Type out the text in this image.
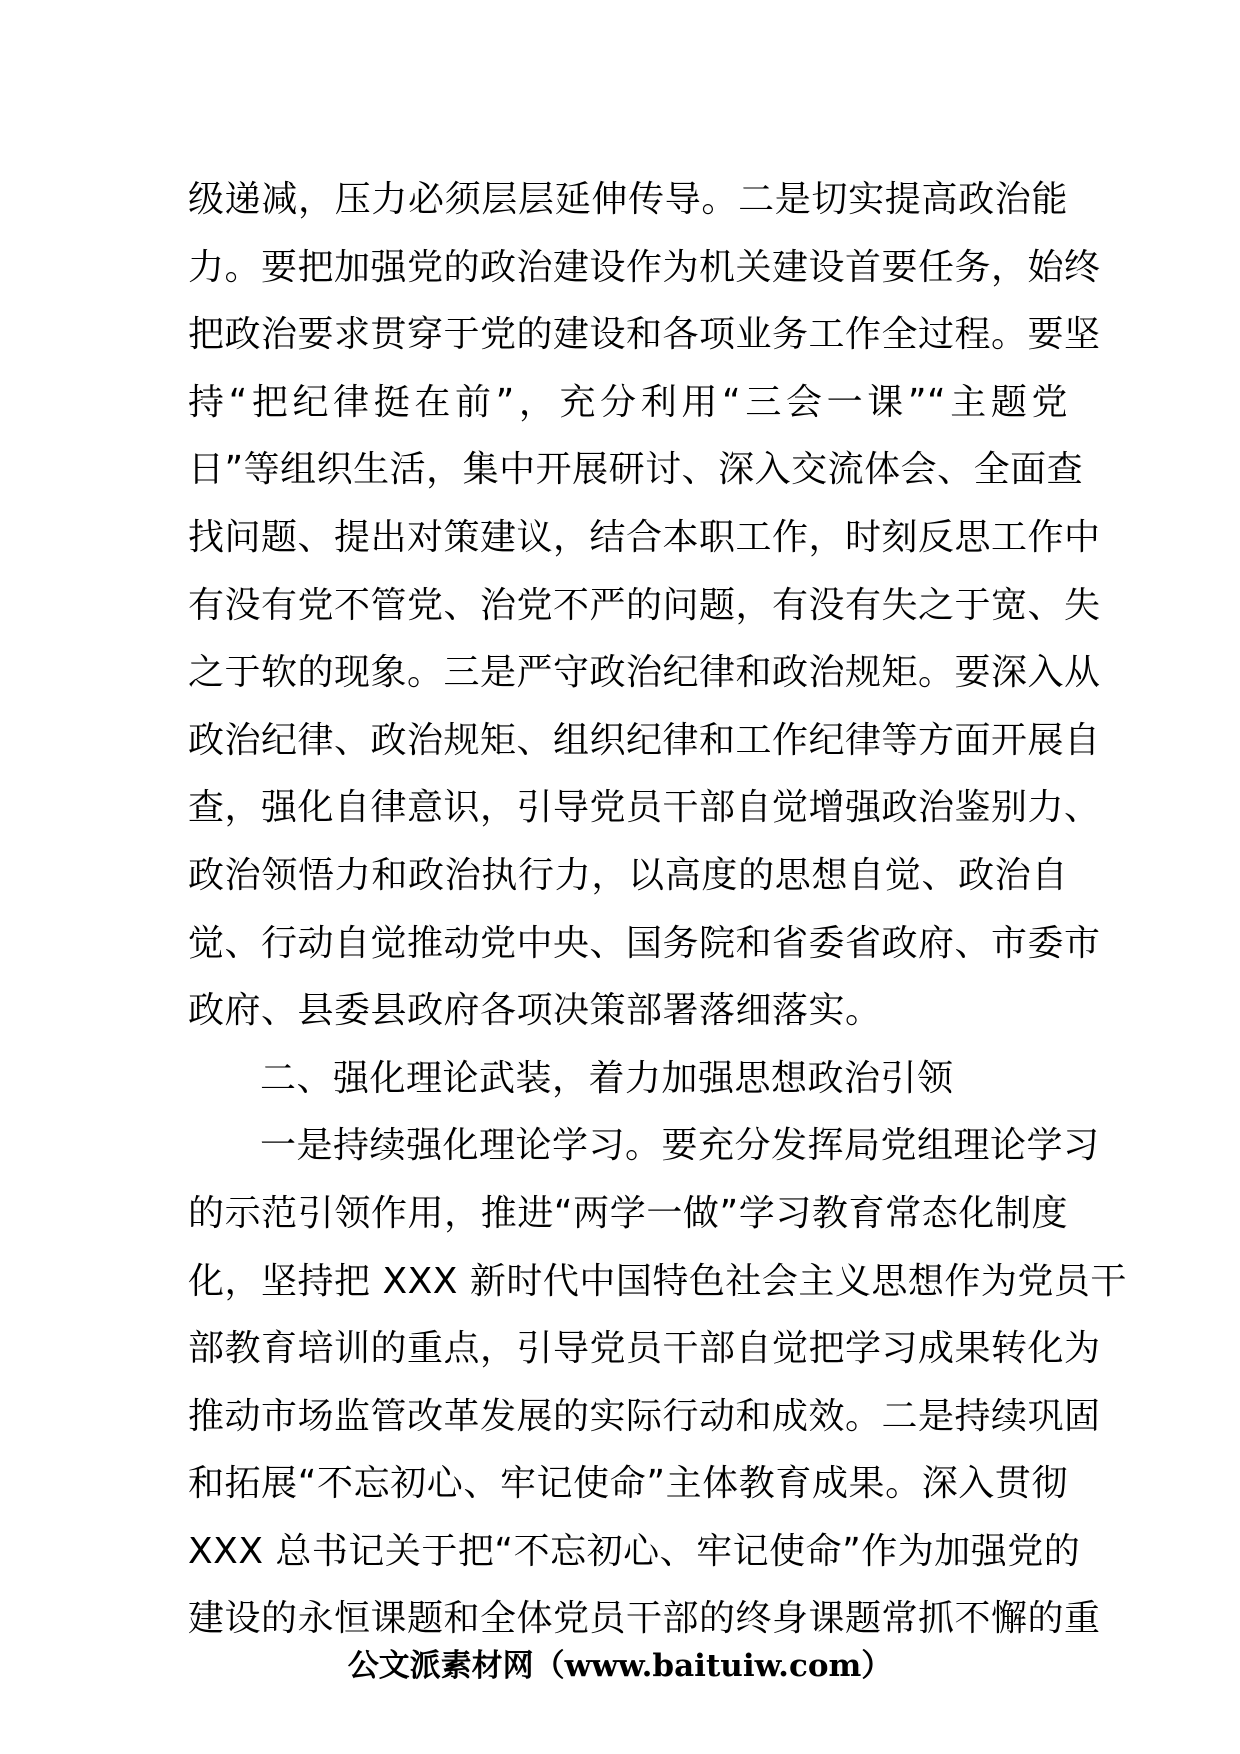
级递减，压力必须层层延伸传导。二是切实提高政治能
力。要把加强党的政治建设作为机关建设首要任务，始终
把政治要求贯穿于党的建设和各项业务工作全过程。要坚
持“把纪律挺在前”，充分利用“三会一课”“主题党
日”等组织生活，集中开展研讨、深入交流体会、全面查
找问题、提出对策建议，结合本职工作，时刻反思工作中
有没有党不管党、治党不严的问题，有没有失之于宽、失
之于软的现象。三是严守政治纪律和政治规矩。要深入从
政治纪律、政治规矩、组织纪律和工作纪律等方面开展自
查，强化自律意识，引导党员干部自觉增强政治鉴别力、
政治领悟力和政治执行力，以高度的思想自觉、政治自
觉、行动自觉推动党中央、国务院和省委省政府、市委市
政府、县委县政府各项决策部署落细落实。
二、强化理论武装，着力加强思想政治引领
一是持续强化理论学习。要充分发挥局党组理论学习
的示范引领作用，推进“两学一做”学习教育常态化制度
化，坚持把 XXX 新时代中国特色社会主义思想作为党员干
部教育培训的重点，引导党员干部自觉把学习成果转化为
推动市场监管改革发展的实际行动和成效。二是持续巩固
和拓展“不忘初心、牢记使命”主体教育成果。深入贯彻
XXX 总书记关于把“不忘初心、牢记使命”作为加强党的
建设的永恒课题和全体党员干部的终身课题常抓不懈的重
公文派素材网（www.baituiw.com）
